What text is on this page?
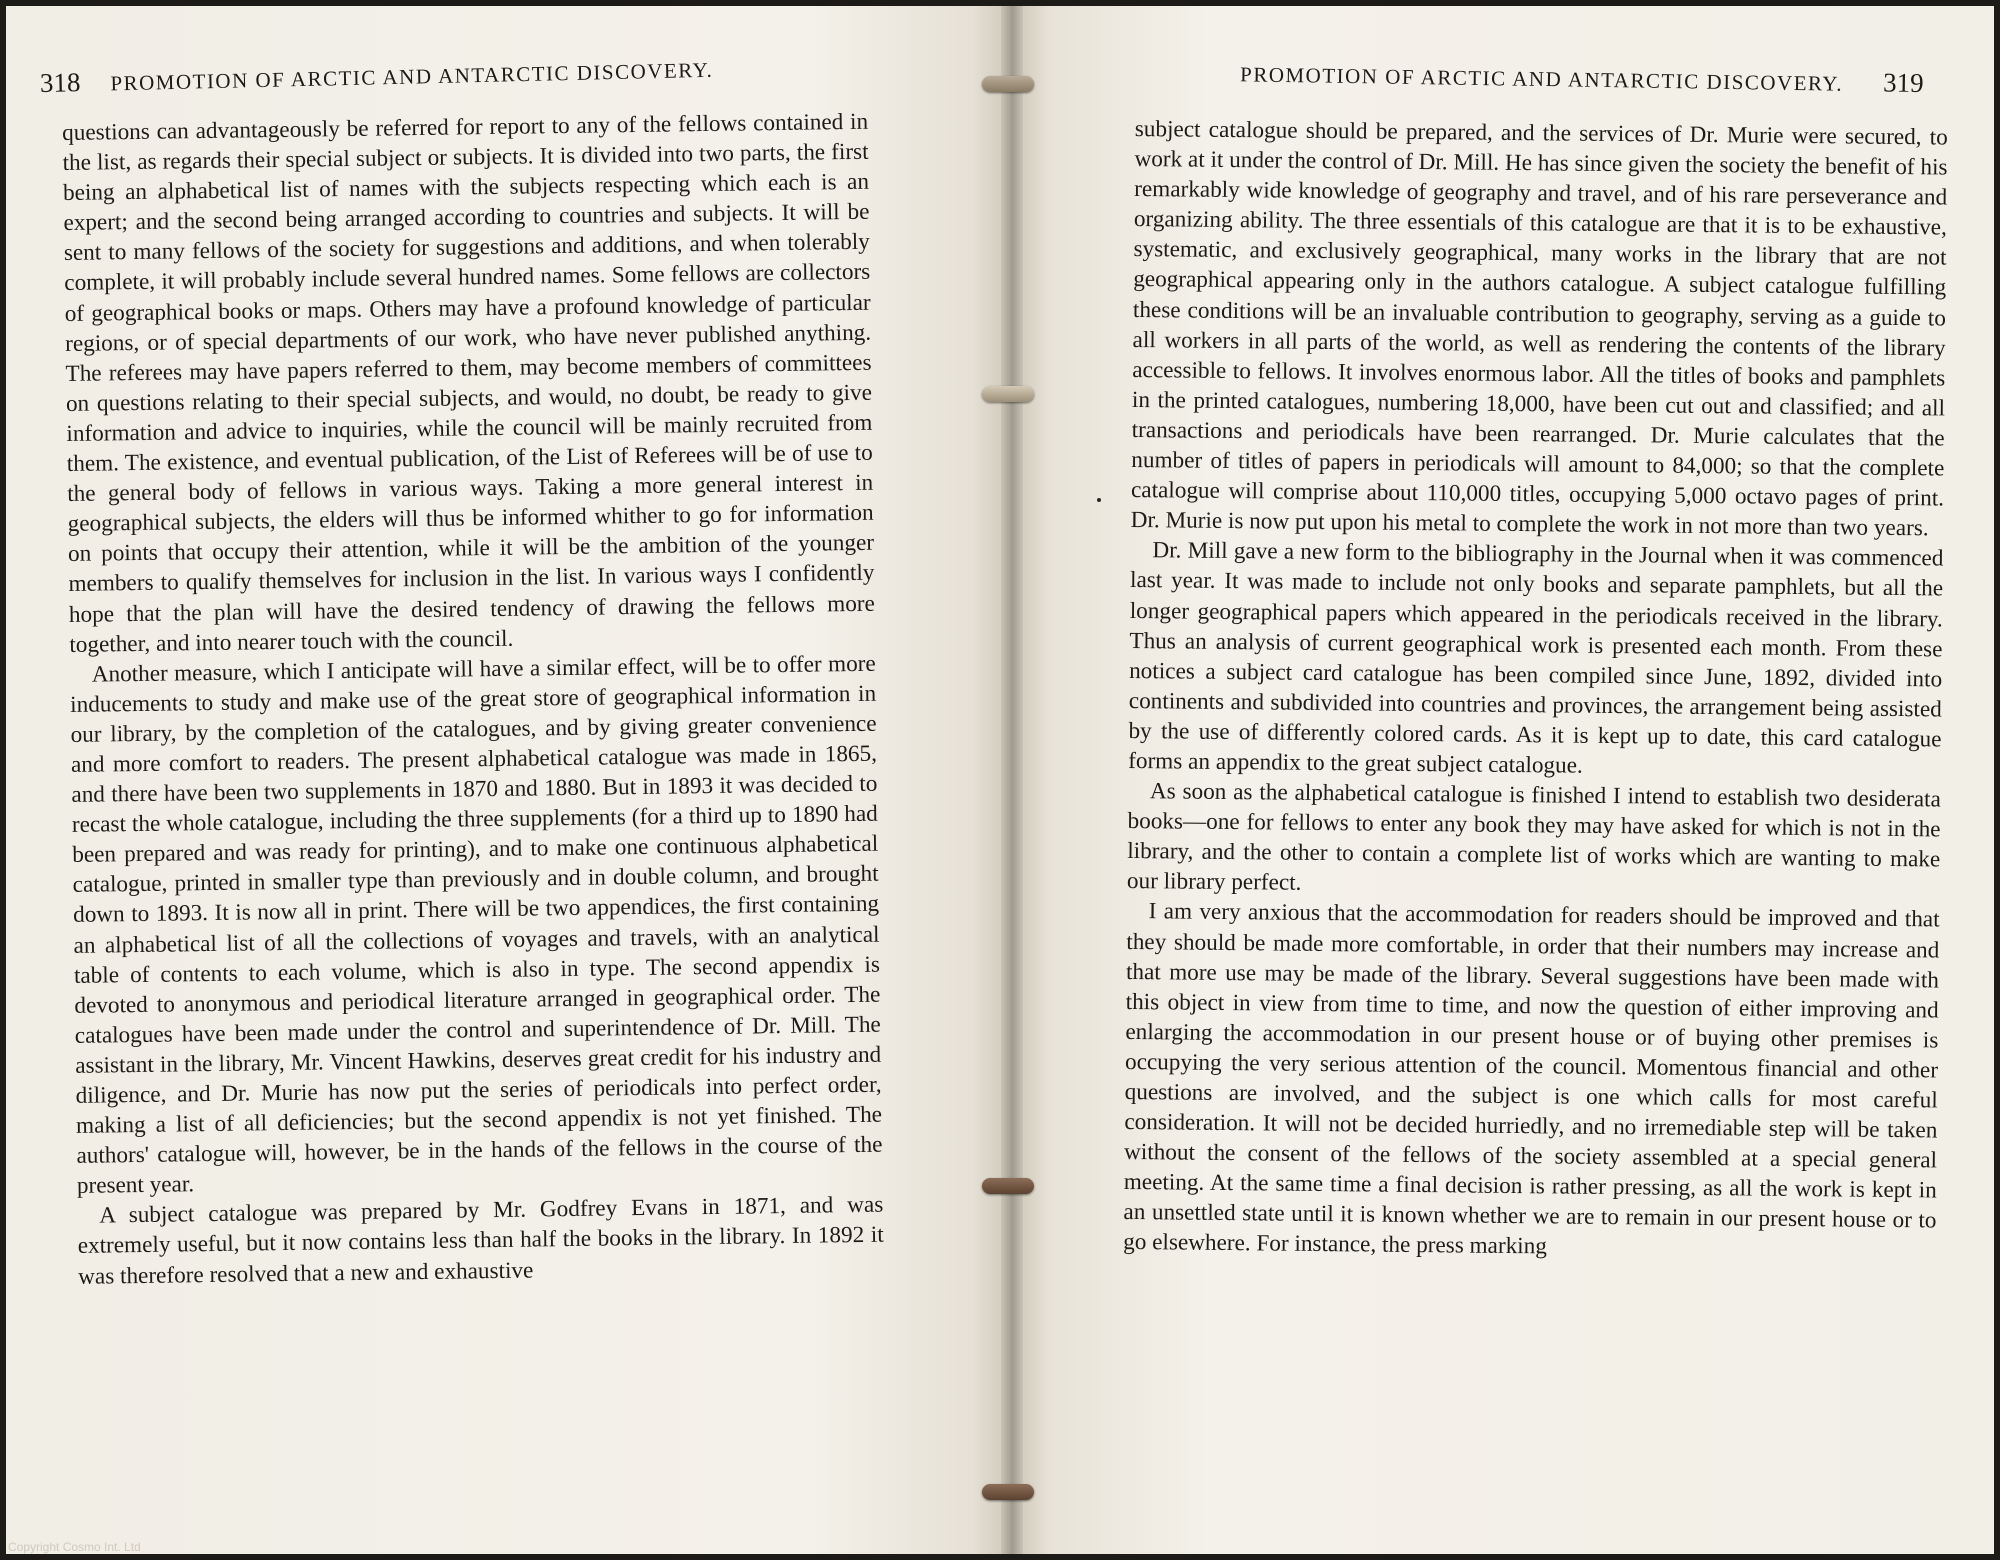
318 PROMOTION OF ARCTIC AND ANTARCTIC DISCOVERY.

questions can advantageously be referred for report to any of the fellows contained in the list, as regards their special subject or subjects. It is divided into two parts, the first being an alphabetical list of names with the subjects respecting which each is an expert; and the second being arranged according to countries and subjects. It will be sent to many fellows of the society for suggestions and additions, and when tolerably complete, it will probably include several hundred names. Some fellows are collectors of geographical books or maps. Others may have a profound knowledge of particular regions, or of special departments of our work, who have never published anything. The referees may have papers referred to them, may become members of committees on questions relating to their special subjects, and would, no doubt, be ready to give information and advice to inquiries, while the council will be mainly recruited from them. The existence, and eventual publication, of the List of Referees will be of use to the general body of fellows in various ways. Taking a more general interest in geographical subjects, the elders will thus be informed whither to go for information on points that occupy their attention, while it will be the ambition of the younger members to qualify themselves for inclusion in the list. In various ways I confidently hope that the plan will have the desired tendency of drawing the fellows more together, and into nearer touch with the council.

Another measure, which I anticipate will have a similar effect, will be to offer more inducements to study and make use of the great store of geographical information in our library, by the completion of the catalogues, and by giving greater convenience and more comfort to readers. The present alphabetical catalogue was made in 1865, and there have been two supplements in 1870 and 1880. But in 1893 it was decided to recast the whole catalogue, including the three supplements (for a third up to 1890 had been prepared and was ready for printing), and to make one continuous alphabetical catalogue, printed in smaller type than previously and in double column, and brought down to 1893. It is now all in print. There will be two appendices, the first containing an alphabetical list of all the collections of voyages and travels, with an analytical table of contents to each volume, which is also in type. The second appendix is devoted to anonymous and periodical literature arranged in geographical order. The catalogues have been made under the control and superintendence of Dr. Mill. The assistant in the library, Mr. Vincent Hawkins, deserves great credit for his industry and diligence, and Dr. Murie has now put the series of periodicals into perfect order, making a list of all deficiencies; but the second appendix is not yet finished. The authors' catalogue will, however, be in the hands of the fellows in the course of the present year.

A subject catalogue was prepared by Mr. Godfrey Evans in 1871, and was extremely useful, but it now contains less than half the books in the library. In 1892 it was therefore resolved that a new and exhaustive

PROMOTION OF ARCTIC AND ANTARCTIC DISCOVERY. 319

subject catalogue should be prepared, and the services of Dr. Murie were secured, to work at it under the control of Dr. Mill. He has since given the society the benefit of his remarkably wide knowledge of geography and travel, and of his rare perseverance and organizing ability. The three essentials of this catalogue are that it is to be exhaustive, systematic, and exclusively geographical, many works in the library that are not geographical appearing only in the authors catalogue. A subject catalogue fulfilling these conditions will be an invaluable contribution to geography, serving as a guide to all workers in all parts of the world, as well as rendering the contents of the library accessible to fellows. It involves enormous labor. All the titles of books and pamphlets in the printed catalogues, numbering 18,000, have been cut out and classified; and all transactions and periodicals have been rearranged. Dr. Murie calculates that the number of titles of papers in periodicals will amount to 84,000; so that the complete catalogue will comprise about 110,000 titles, occupying 5,000 octavo pages of print. Dr. Murie is now put upon his metal to complete the work in not more than two years.

Dr. Mill gave a new form to the bibliography in the Journal when it was commenced last year. It was made to include not only books and separate pamphlets, but all the longer geographical papers which appeared in the periodicals received in the library. Thus an analysis of current geographical work is presented each month. From these notices a subject card catalogue has been compiled since June, 1892, divided into continents and subdivided into countries and provinces, the arrangement being assisted by the use of differently colored cards. As it is kept up to date, this card catalogue forms an appendix to the great subject catalogue.

As soon as the alphabetical catalogue is finished I intend to establish two desiderata books—one for fellows to enter any book they may have asked for which is not in the library, and the other to contain a complete list of works which are wanting to make our library perfect.

I am very anxious that the accommodation for readers should be improved and that they should be made more comfortable, in order that their numbers may increase and that more use may be made of the library. Several suggestions have been made with this object in view from time to time, and now the question of either improving and enlarging the accommodation in our present house or of buying other premises is occupying the very serious attention of the council. Momentous financial and other questions are involved, and the subject is one which calls for most careful consideration. It will not be decided hurriedly, and no irremediable step will be taken without the consent of the fellows of the society assembled at a special general meeting. At the same time a final decision is rather pressing, as all the work is kept in an unsettled state until it is known whether we are to remain in our present house or to go elsewhere. For instance, the press marking

Copyright Cosmo Int. Ltd
